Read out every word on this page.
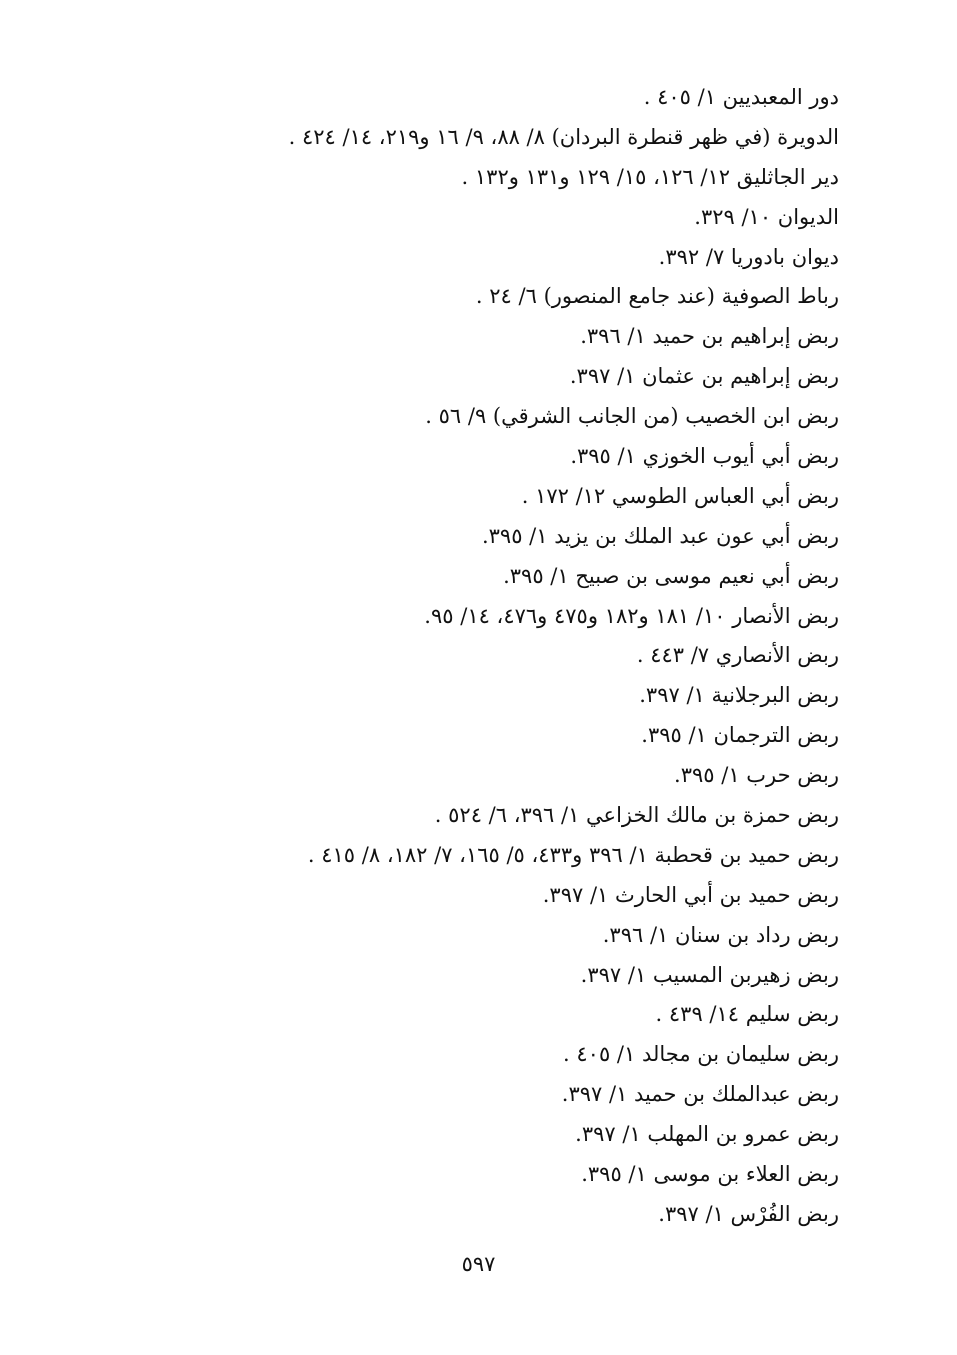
دور المعبديين ١/ ٤٠٥ .
الدويرة (في ظهر قنطرة البردان) ٨/ ٨٨، ٩/ ١٦ و٢١٩، ١٤/ ٤٢٤ .
دير الجاثليق ١٢/ ١٢٦، ١٥/ ١٢٩ و١٣١ و١٣٢ .
الديوان ١٠/ ٣٢٩.
ديوان بادوريا ٧/ ٣٩٢.
رباط الصوفية (عند جامع المنصور) ٦/ ٢٤ .
ربض إبراهيم بن حميد ١/ ٣٩٦.
ربض إبراهيم بن عثمان ١/ ٣٩٧.
ربض ابن الخصيب (من الجانب الشرقي) ٩/ ٥٦ .
ربض أبي أيوب الخوزي ١/ ٣٩٥.
ربض أبي العباس الطوسي ١٢/ ١٧٢ .
ربض أبي عون عبد الملك بن يزيد ١/ ٣٩٥.
ربض أبي نعيم موسى بن صبيح ١/ ٣٩٥.
ربض الأنصار ١٠/ ١٨١ و١٨٢ و٤٧٥ و٤٧٦، ١٤/ ٩٥.
ربض الأنصاري ٧/ ٤٤٣ .
ربض البرجلانية ١/ ٣٩٧.
ربض الترجمان ١/ ٣٩٥.
ربض حرب ١/ ٣٩٥.
ربض حمزة بن مالك الخزاعي ١/ ٣٩٦، ٦/ ٥٢٤ .
ربض حميد بن قحطبة ١/ ٣٩٦ و٤٣٣، ٥/ ١٦٥، ٧/ ١٨٢، ٨/ ٤١٥ .
ربض حميد بن أبي الحارث ١/ ٣٩٧.
ربض رداد بن سنان ١/ ٣٩٦.
ربض زهيربن المسيب ١/ ٣٩٧.
ربض سليم ١٤/ ٤٣٩ .
ربض سليمان بن مجالد ١/ ٤٠٥ .
ربض عبدالملك بن حميد ١/ ٣٩٧.
ربض عمرو بن المهلب ١/ ٣٩٧.
ربض العلاء بن موسى ١/ ٣٩٥.
ربض الفُرْس ١/ ٣٩٧.
٥٩٧
